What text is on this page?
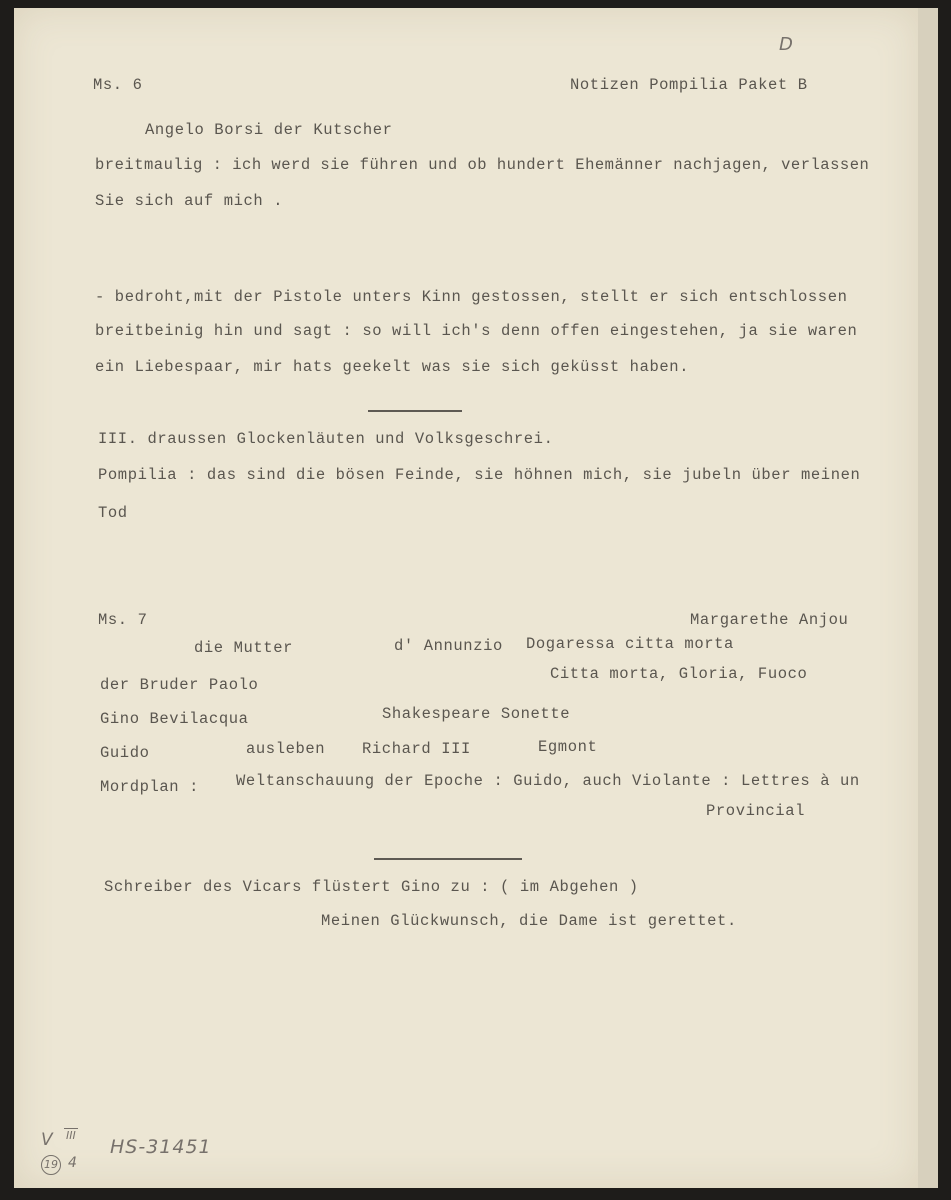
D
Ms. 6	Notizen Pompilia Paket B
Angelo Borsi der Kutscher
breitmaulig : ich werd sie führen und ob hundert Ehemänner nachjagen, verlassen
Sie sich auf mich .
- bedroht,mit der Pistole unters Kinn gestossen, stellt er sich entschlossen
breitbeinig hin und sagt : so will ich's denn offen eingestehen, ja sie waren
ein Liebespaar, mir hats geekelt was sie sich geküsst haben.
III. draussen Glockenläuten und Volksgeschrei.
Pompilia : das sind die bösen Feinde, sie höhnen mich, sie jubeln über meinen
Tod
Ms. 7	Margarethe Anjou
die Mutter	d' Annunzio Dogaressa citta morta
der Bruder Paolo
Citta morta, Gloria, Fuoco
Gino Bevilacqua	Shakespeare Sonette
Guido	ausleben Richard III	Egmont
Mordplan : Weltanschauung der Epoche : Guido, auch Violante : Lettres à un
Provincial
Schreiber des Vicars flüstert Gino zu : ( im Abgehen )
Meinen Glückwunsch, die Dame ist gerettet.
V III
19 4
HS-31451
